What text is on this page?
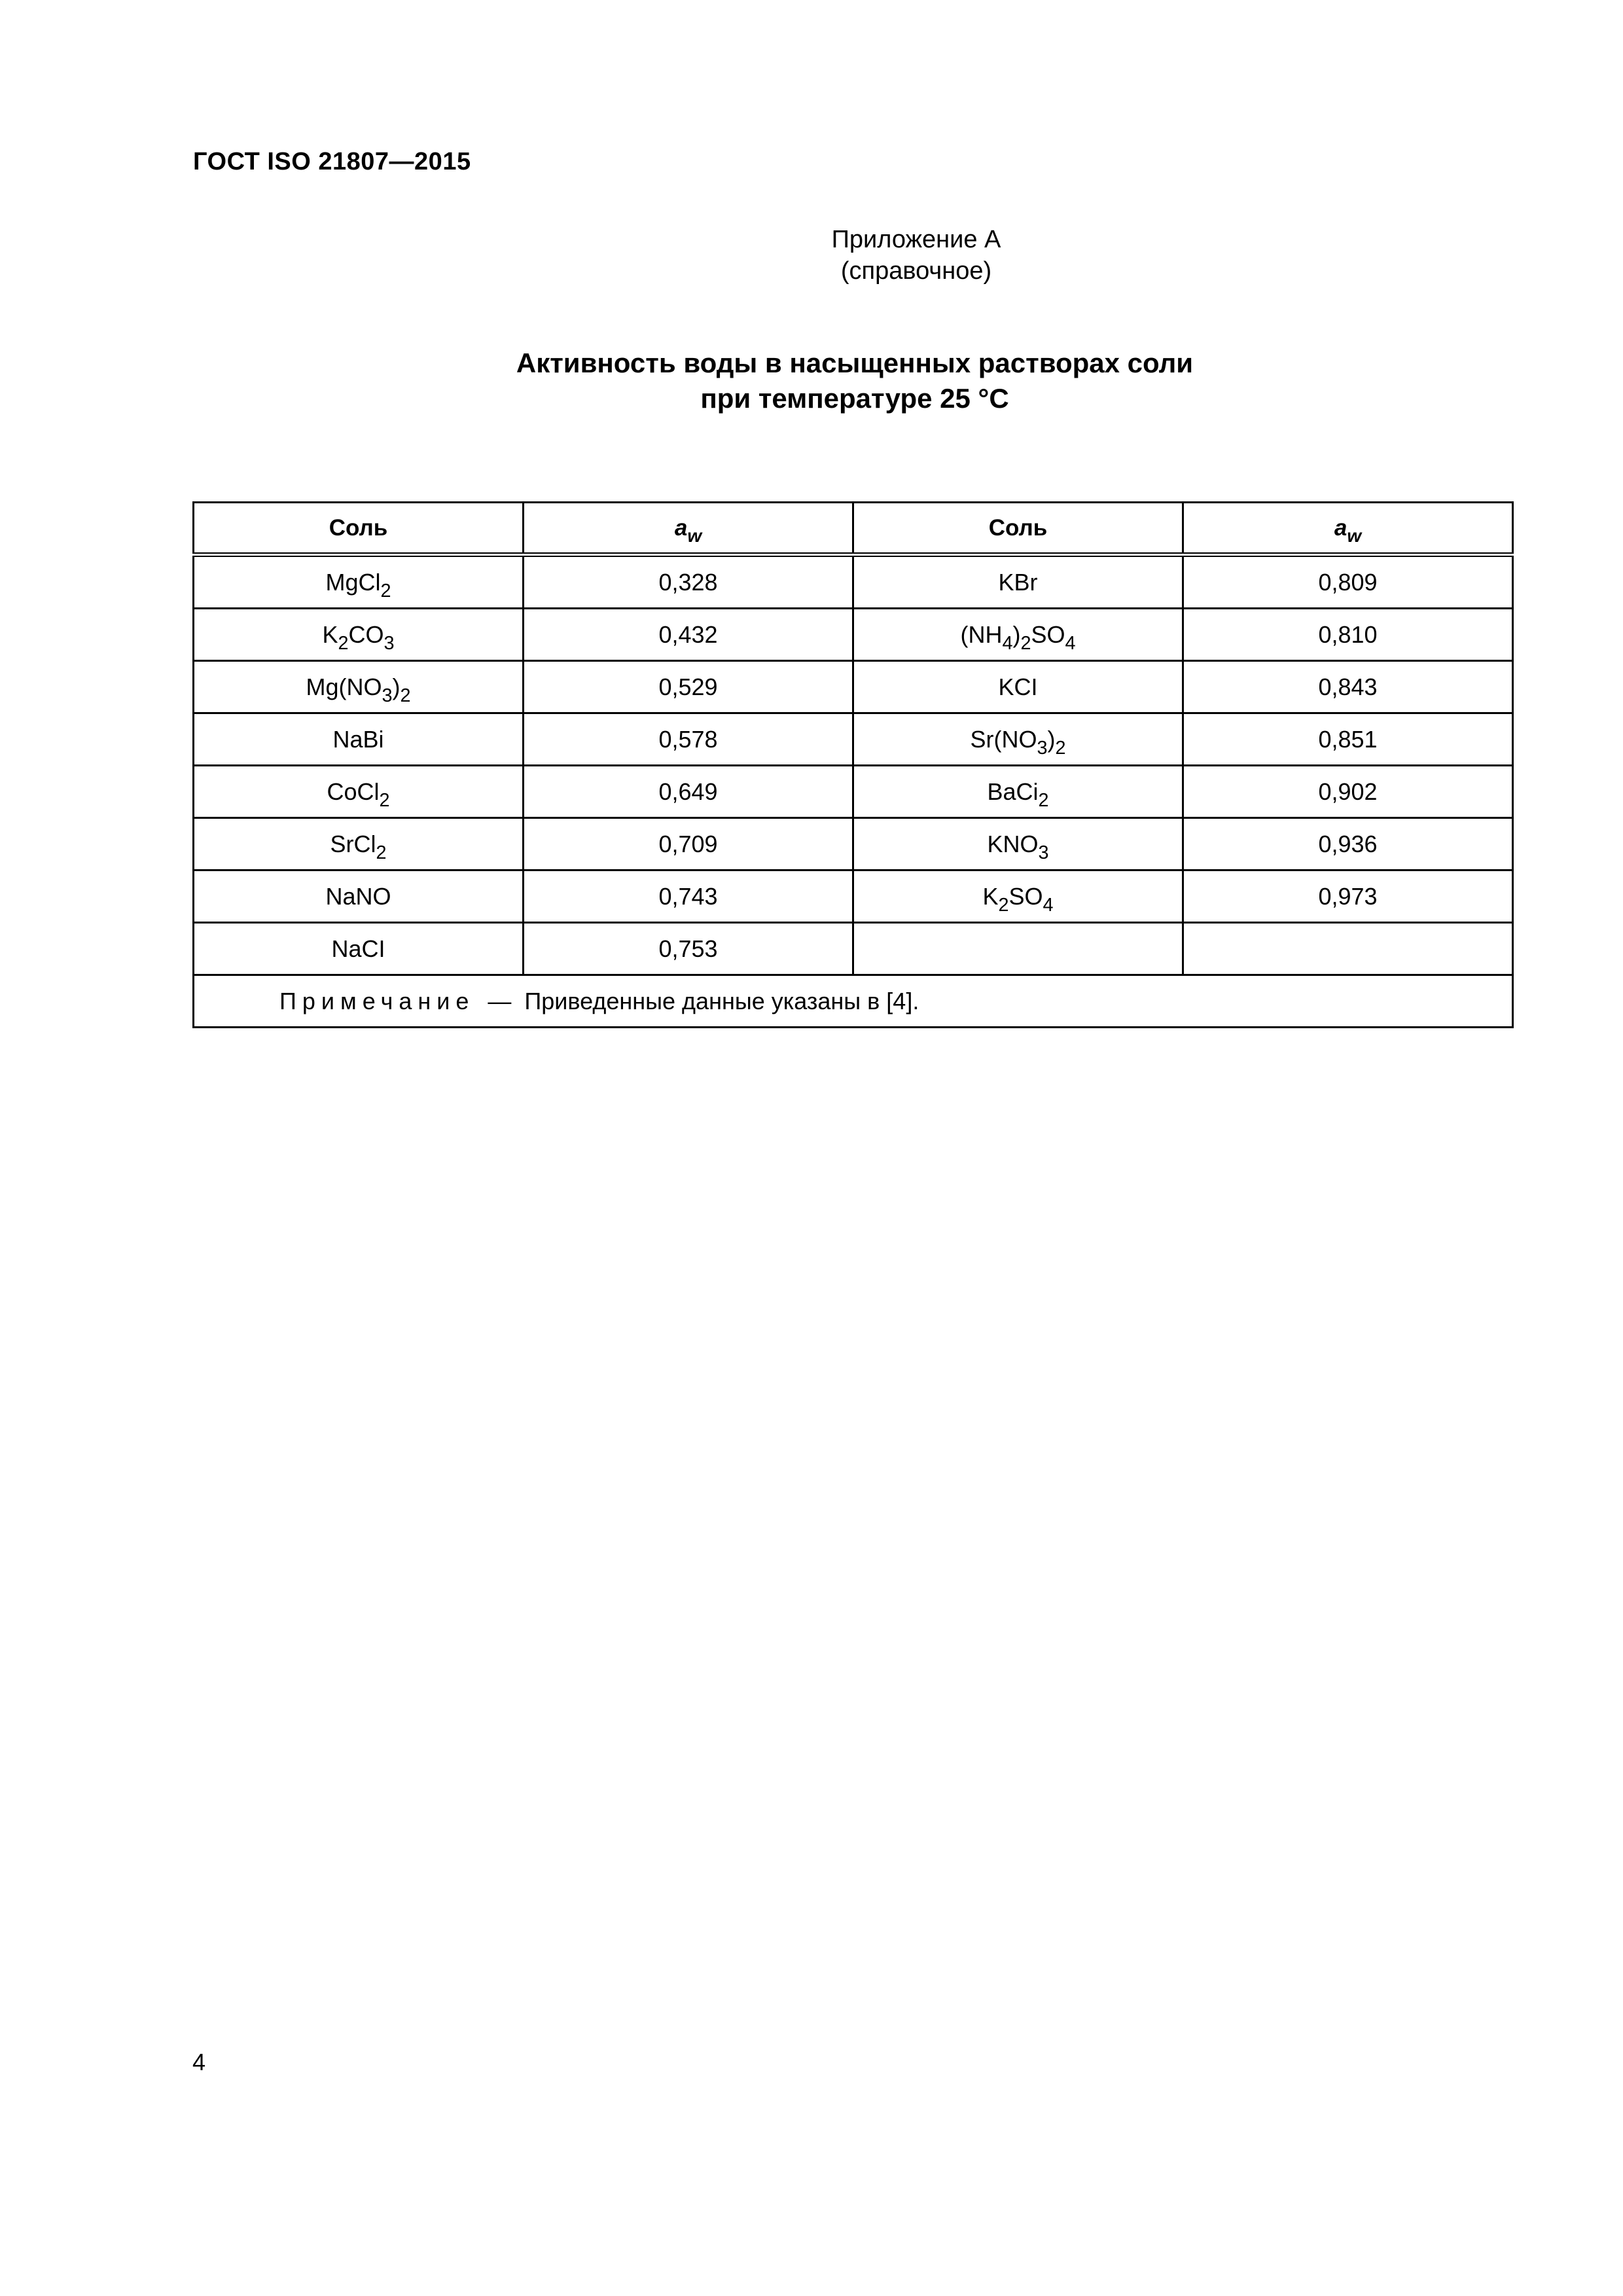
ГОСТ ISO 21807—2015
Приложение А
(справочное)
Активность воды в насыщенных растворах соли
при температуре 25 °С
Соль	$a_w$	Соль	$a_w$
MgCl$_2$	0,328	KBr	0,809
$K_2CO_3$	0,432	$(NH_4)_2SO_4$	0,810
$Mg(NO_3)_2$	0,529	KCI	0,843
NaBi	0,578	$Sr(NO_3)_2$	0,851
CoCl$_2$	0,649	BaCi$_2$	0,902
SrCl$_2$	0,709	$KNO_3$	0,936
NaNO	0,743	$K_2SO_4$	0,973
NaCI	0,753		
Примечание — Приведенные данные указаны в [4].			
4
